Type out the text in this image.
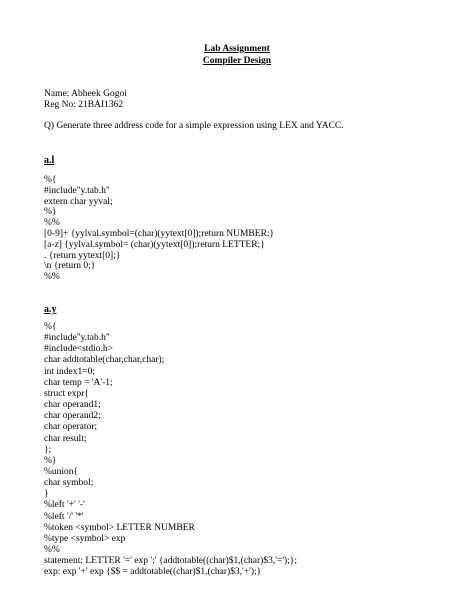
Lab Assignment
Compiler Design
Name: Abheek Gogoi
Reg No: 21BAI1362
Q) Generate three address code for a simple expression using LEX and YACC.
a.l
%{
#include"y.tab.h"
extern char yyval;
%}
%%
[0-9]+ {yylval.symbol=(char)(yytext[0]);return NUMBER;}
[a-z] {yylval.symbol= (char)(yytext[0]);return LETTER;}
. {return yytext[0];}
\n {return 0;}
%%
a.y
%{
#include"y.tab.h"
#include<stdio.h>
char addtotable(char,char,char);
int index1=0;
char temp = 'A'-1;
struct expr{
char operand1;
char operand2;
char operator;
char result;
};
%}
%union{
char symbol;
}
%left '+' '-'
%left '/' '*'
%token <symbol> LETTER NUMBER
%type <symbol> exp
%%
statement: LETTER '=' exp ';' {addtotable((char)$1,(char)$3,'=');};
exp: exp '+' exp {$$ = addtotable((char)$1,(char)$3,'+');}
